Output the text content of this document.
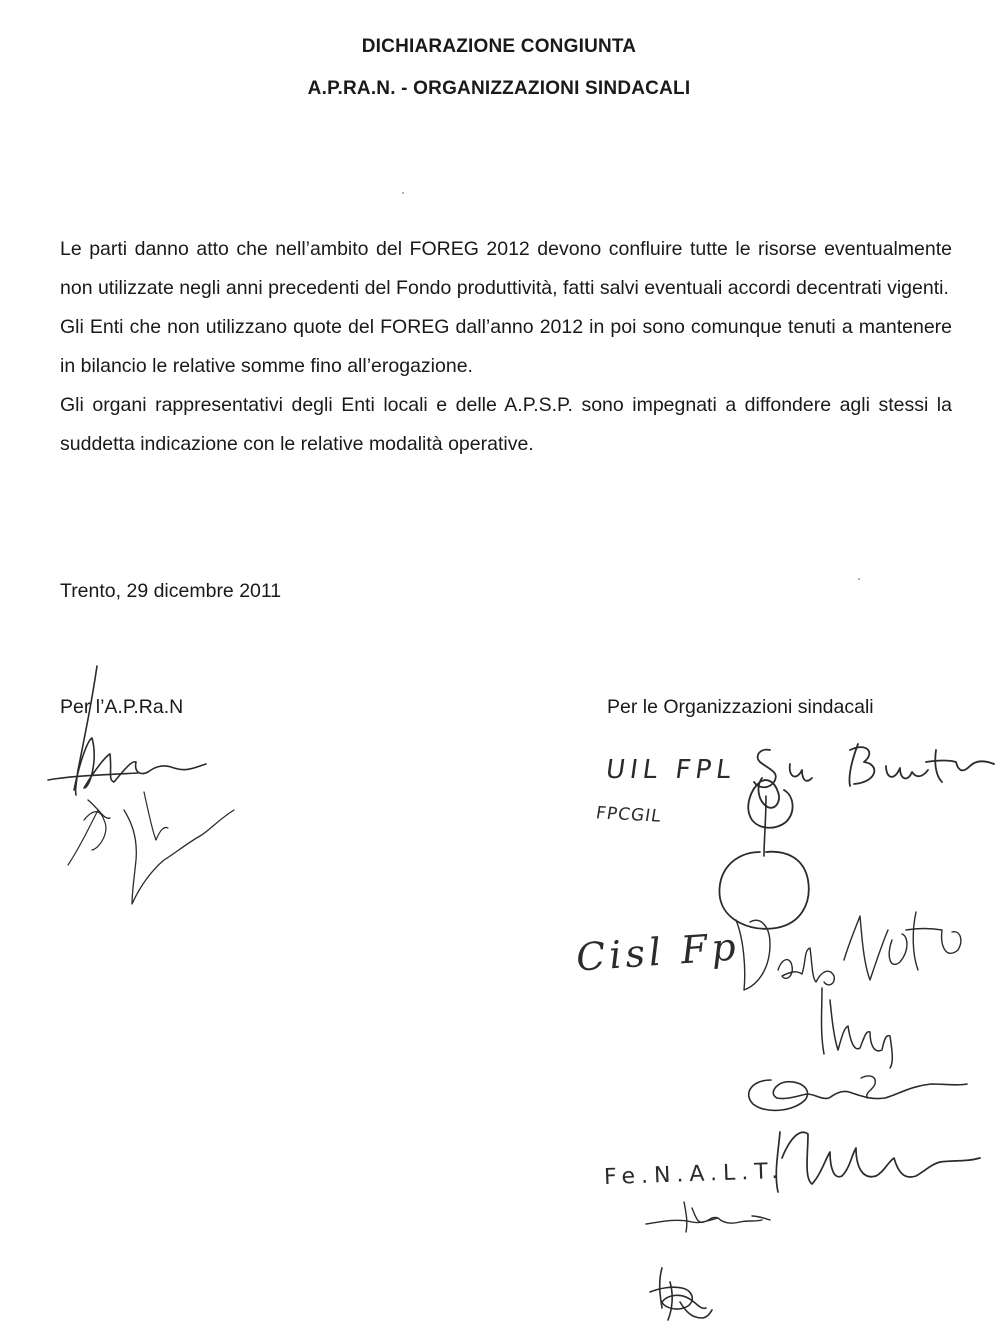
DICHIARAZIONE CONGIUNTA
A.P.RA.N. - ORGANIZZAZIONI SINDACALI

Le parti danno atto che nell’ambito del FOREG 2012 devono confluire tutte le risorse eventualmente non utilizzate negli anni precedenti del Fondo produttività, fatti salvi eventuali accordi decentrati vigenti.

Gli Enti che non utilizzano quote del FOREG dall’anno 2012 in poi sono comunque tenuti a mantenere in bilancio le relative somme fino all’erogazione.

Gli organi rappresentativi degli Enti locali e delle A.P.S.P. sono impegnati a diffondere agli stessi la suddetta indicazione con le relative modalità operative.

Trento, 29 dicembre 2011
Per l’A.P.Ra.N	Per le Organizzazioni sindacali
UIL FPL
FPCGIL
Cisl Fp
Fe.N.A.L.T.
